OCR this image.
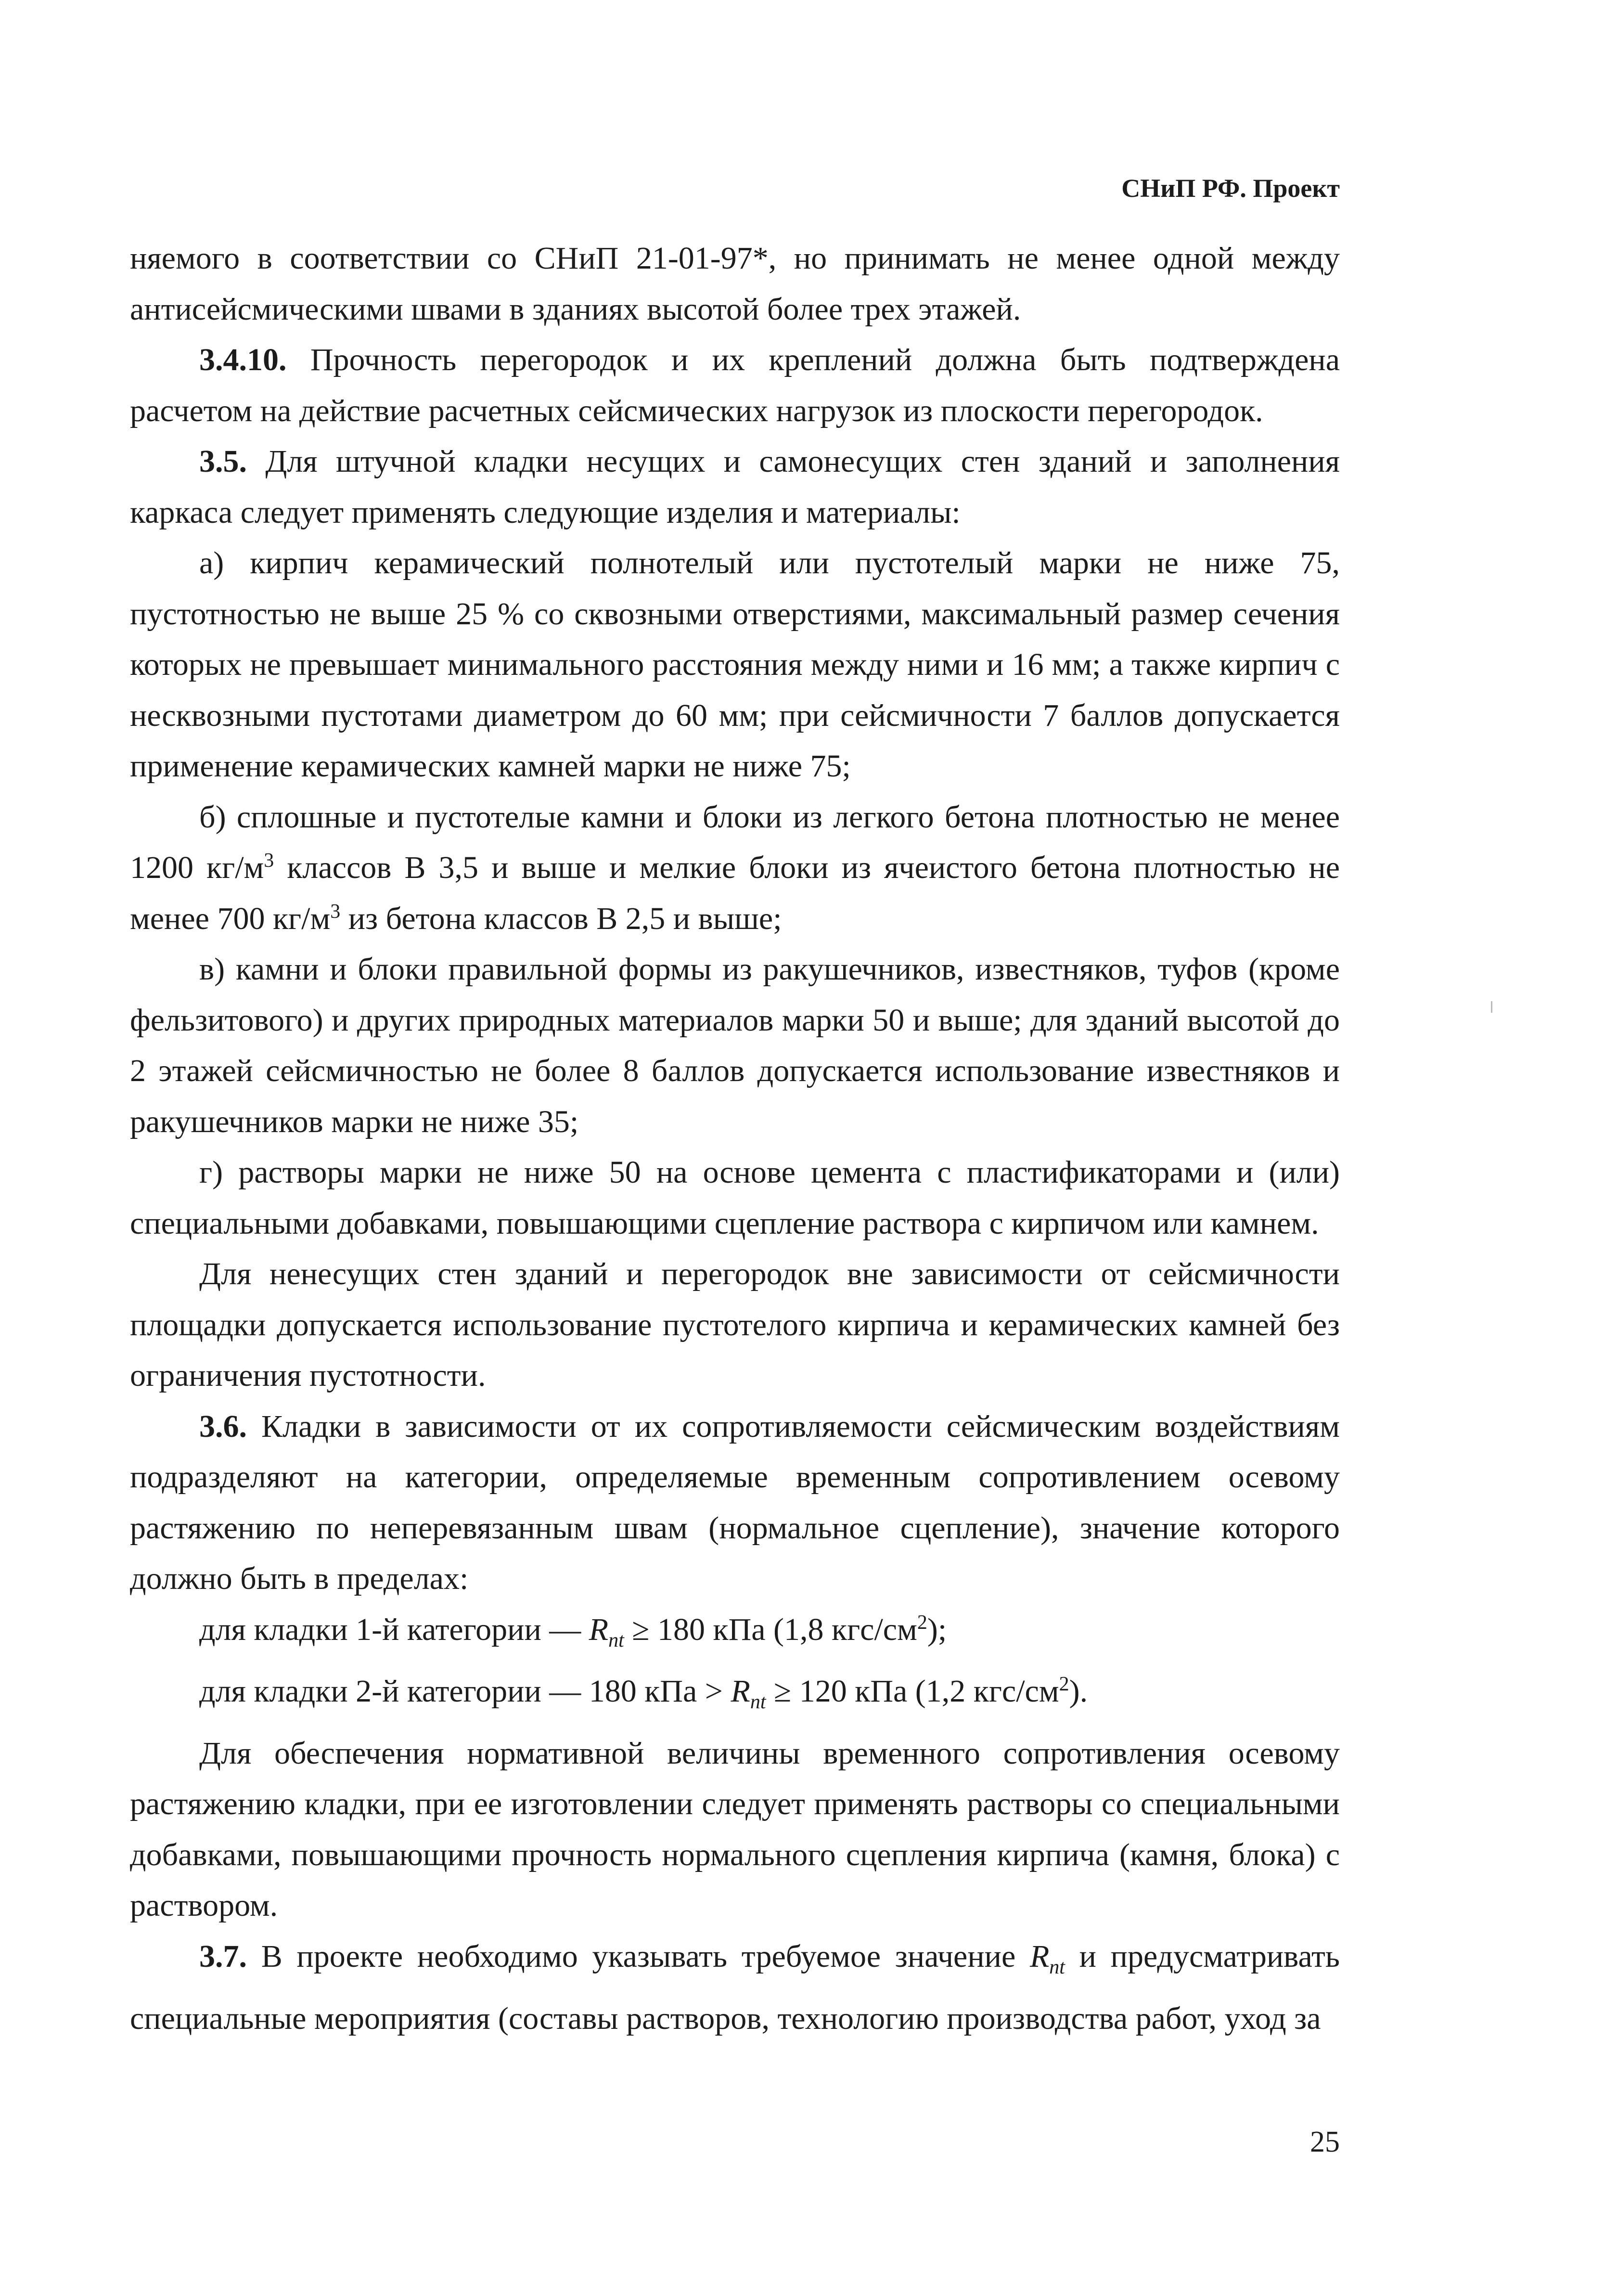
СНиП РФ. Проект

няемого в соответствии со СНиП 21-01-97*, но принимать не менее одной между антисейсмическими швами в зданиях высотой более трех этажей.

3.4.10. Прочность перегородок и их креплений должна быть подтверждена расчетом на действие расчетных сейсмических нагрузок из плоскости перегородок.

3.5. Для штучной кладки несущих и самонесущих стен зданий и заполнения каркаса следует применять следующие изделия и материалы:

а) кирпич керамический полнотелый или пустотелый марки не ниже 75, пустотностью не выше 25 % со сквозными отверстиями, максимальный размер сечения которых не превышает минимального расстояния между ними и 16 мм; а также кирпич с несквозными пустотами диаметром до 60 мм; при сейсмичности 7 баллов допускается применение керамических камней марки не ниже 75;

б) сплошные и пустотелые камни и блоки из легкого бетона плотностью не менее 1200 $кг/м^3$ классов B 3,5 и выше и мелкие блоки из ячеистого бетона плотностью не менее 700 $кг/м^3$ из бетона классов B 2,5 и выше;

в) камни и блоки правильной формы из ракушечников, известняков, туфов (кроме фельзитового) и других природных материалов марки 50 и выше; для зданий высотой до 2 этажей сейсмичностью не более 8 баллов допускается использование известняков и ракушечников марки не ниже 35;

г) растворы марки не ниже 50 на основе цемента с пластификаторами и (или) специальными добавками, повышающими сцепление раствора с кирпичом или камнем.

Для ненесущих стен зданий и перегородок вне зависимости от сейсмичности площадки допускается использование пустотелого кирпича и керамических камней без ограничения пустотности.

3.6. Кладки в зависимости от их сопротивляемости сейсмическим воздействиям подразделяют на категории, определяемые временным сопротивлением осевому растяжению по неперевязанным швам (нормальное сцепление), значение которого должно быть в пределах:

для кладки 1-й категории — $R_{nt} \ge 180$ кПа (1,8 кгс/$см^2$);

для кладки 2-й категории — 180 кПа > $R_{nt} \ge 120$ кПа (1,2 кгс/$см^2$).

Для обеспечения нормативной величины временного сопротивления осевому растяжению кладки, при ее изготовлении следует применять растворы со специальными добавками, повышающими прочность нормального сцепления кирпича (камня, блока) с раствором.

3.7. В проекте необходимо указывать требуемое значение $R_{nt}$ и предусматривать специальные мероприятия (составы растворов, технологию производства работ, уход за

25
